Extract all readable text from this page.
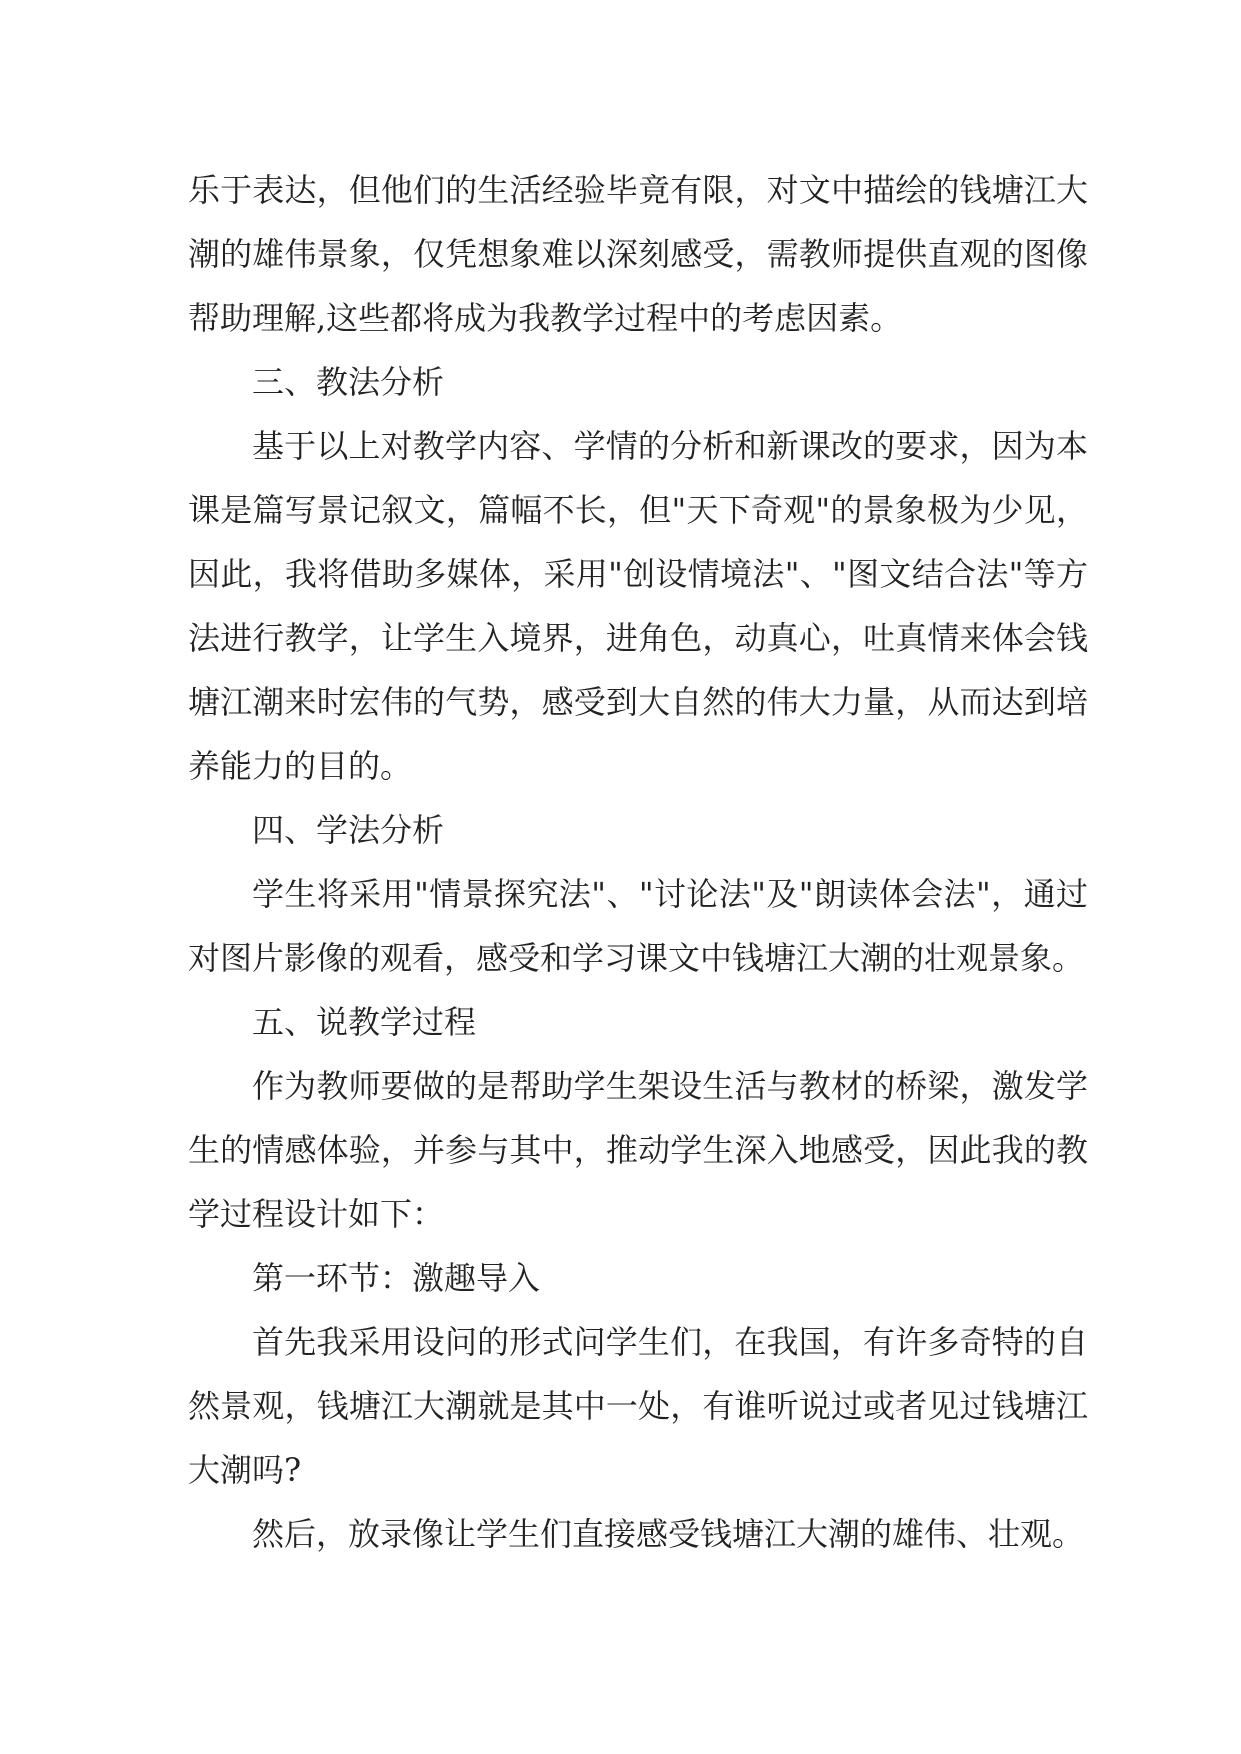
乐于表达，但他们的生活经验毕竟有限，对文中描绘的钱塘江大潮的雄伟景象，仅凭想象难以深刻感受，需教师提供直观的图像帮助理解,这些都将成为我教学过程中的考虑因素。

三、教法分析

基于以上对教学内容、学情的分析和新课改的要求，因为本课是篇写景记叙文，篇幅不长，但"天下奇观"的景象极为少见，因此，我将借助多媒体，采用"创设情境法"、"图文结合法"等方法进行教学，让学生入境界，进角色，动真心，吐真情来体会钱塘江潮来时宏伟的气势，感受到大自然的伟大力量，从而达到培养能力的目的。

四、学法分析

学生将采用"情景探究法"、"讨论法"及"朗读体会法"，通过对图片影像的观看，感受和学习课文中钱塘江大潮的壮观景象。

五、说教学过程

作为教师要做的是帮助学生架设生活与教材的桥梁，激发学生的情感体验，并参与其中，推动学生深入地感受，因此我的教学过程设计如下：

第一环节：激趣导入

首先我采用设问的形式问学生们，在我国，有许多奇特的自然景观，钱塘江大潮就是其中一处，有谁听说过或者见过钱塘江大潮吗?

然后，放录像让学生们直接感受钱塘江大潮的雄伟、壮观。
